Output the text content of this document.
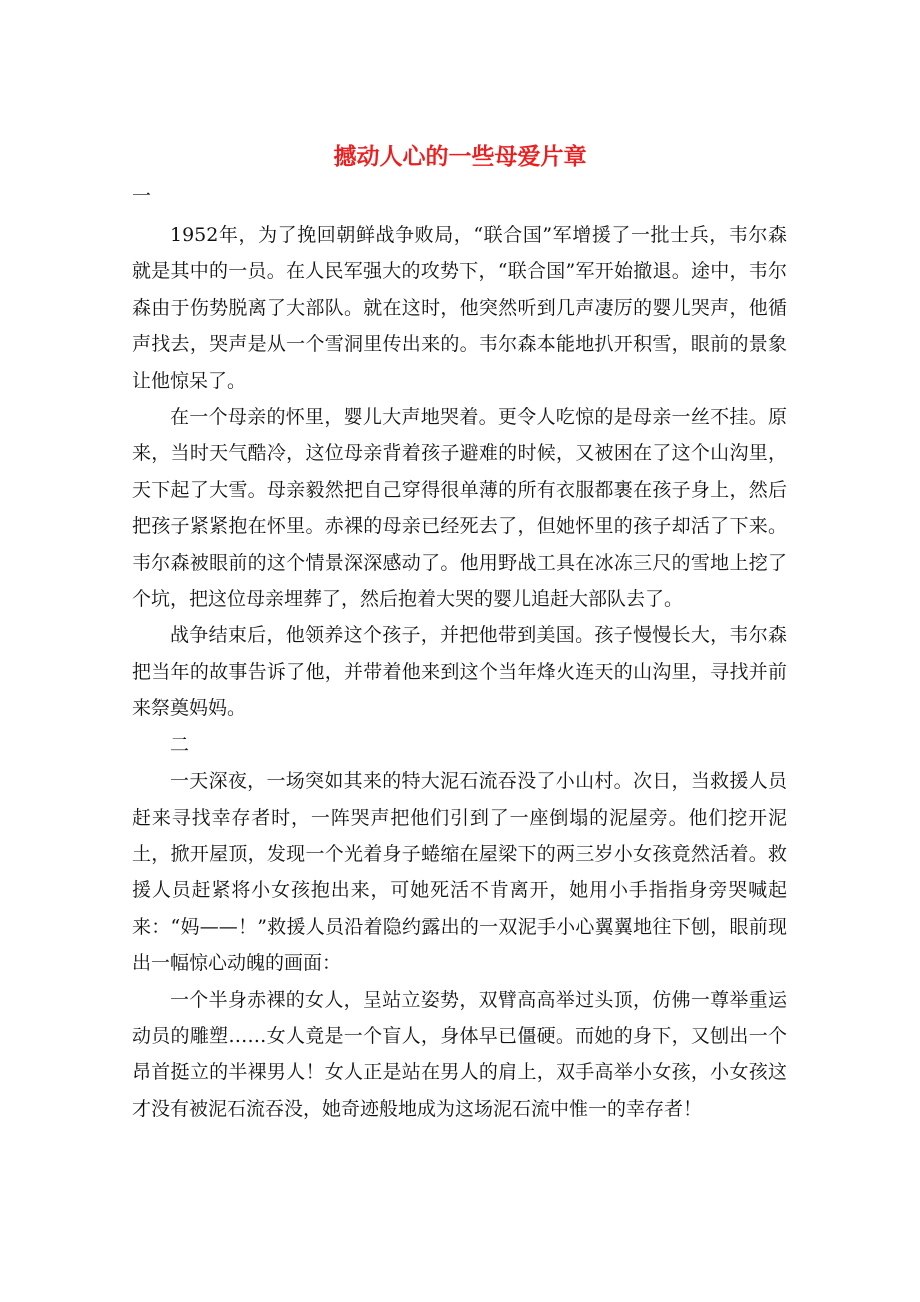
撼动人心的一些母爱片章
一

1952年，为了挽回朝鲜战争败局，“联合国”军增援了一批士兵，韦尔森就是其中的一员。在人民军强大的攻势下，“联合国”军开始撤退。途中，韦尔森由于伤势脱离了大部队。就在这时，他突然听到几声凄厉的婴儿哭声，他循声找去，哭声是从一个雪洞里传出来的。韦尔森本能地扒开积雪，眼前的景象让他惊呆了。

在一个母亲的怀里，婴儿大声地哭着。更令人吃惊的是母亲一丝不挂。原来，当时天气酷冷，这位母亲背着孩子避难的时候，又被困在了这个山沟里，天下起了大雪。母亲毅然把自己穿得很单薄的所有衣服都裹在孩子身上，然后把孩子紧紧抱在怀里。赤裸的母亲已经死去了，但她怀里的孩子却活了下来。韦尔森被眼前的这个情景深深感动了。他用野战工具在冰冻三尺的雪地上挖了个坑，把这位母亲埋葬了，然后抱着大哭的婴儿追赶大部队去了。

战争结束后，他领养这个孩子，并把他带到美国。孩子慢慢长大，韦尔森把当年的故事告诉了他，并带着他来到这个当年烽火连天的山沟里，寻找并前来祭奠妈妈。

二

一天深夜，一场突如其来的特大泥石流吞没了小山村。次日，当救援人员赶来寻找幸存者时，一阵哭声把他们引到了一座倒塌的泥屋旁。他们挖开泥土，掀开屋顶，发现一个光着身子蜷缩在屋梁下的两三岁小女孩竟然活着。救援人员赶紧将小女孩抱出来，可她死活不肯离开，她用小手指指身旁哭喊起来：“妈——！”救援人员沿着隐约露出的一双泥手小心翼翼地往下刨，眼前现出一幅惊心动魄的画面：

一个半身赤裸的女人，呈站立姿势，双臂高高举过头顶，仿佛一尊举重运动员的雕塑……女人竟是一个盲人，身体早已僵硬。而她的身下，又刨出一个昂首挺立的半裸男人！女人正是站在男人的肩上，双手高举小女孩，小女孩这才没有被泥石流吞没，她奇迹般地成为这场泥石流中惟一的幸存者！
